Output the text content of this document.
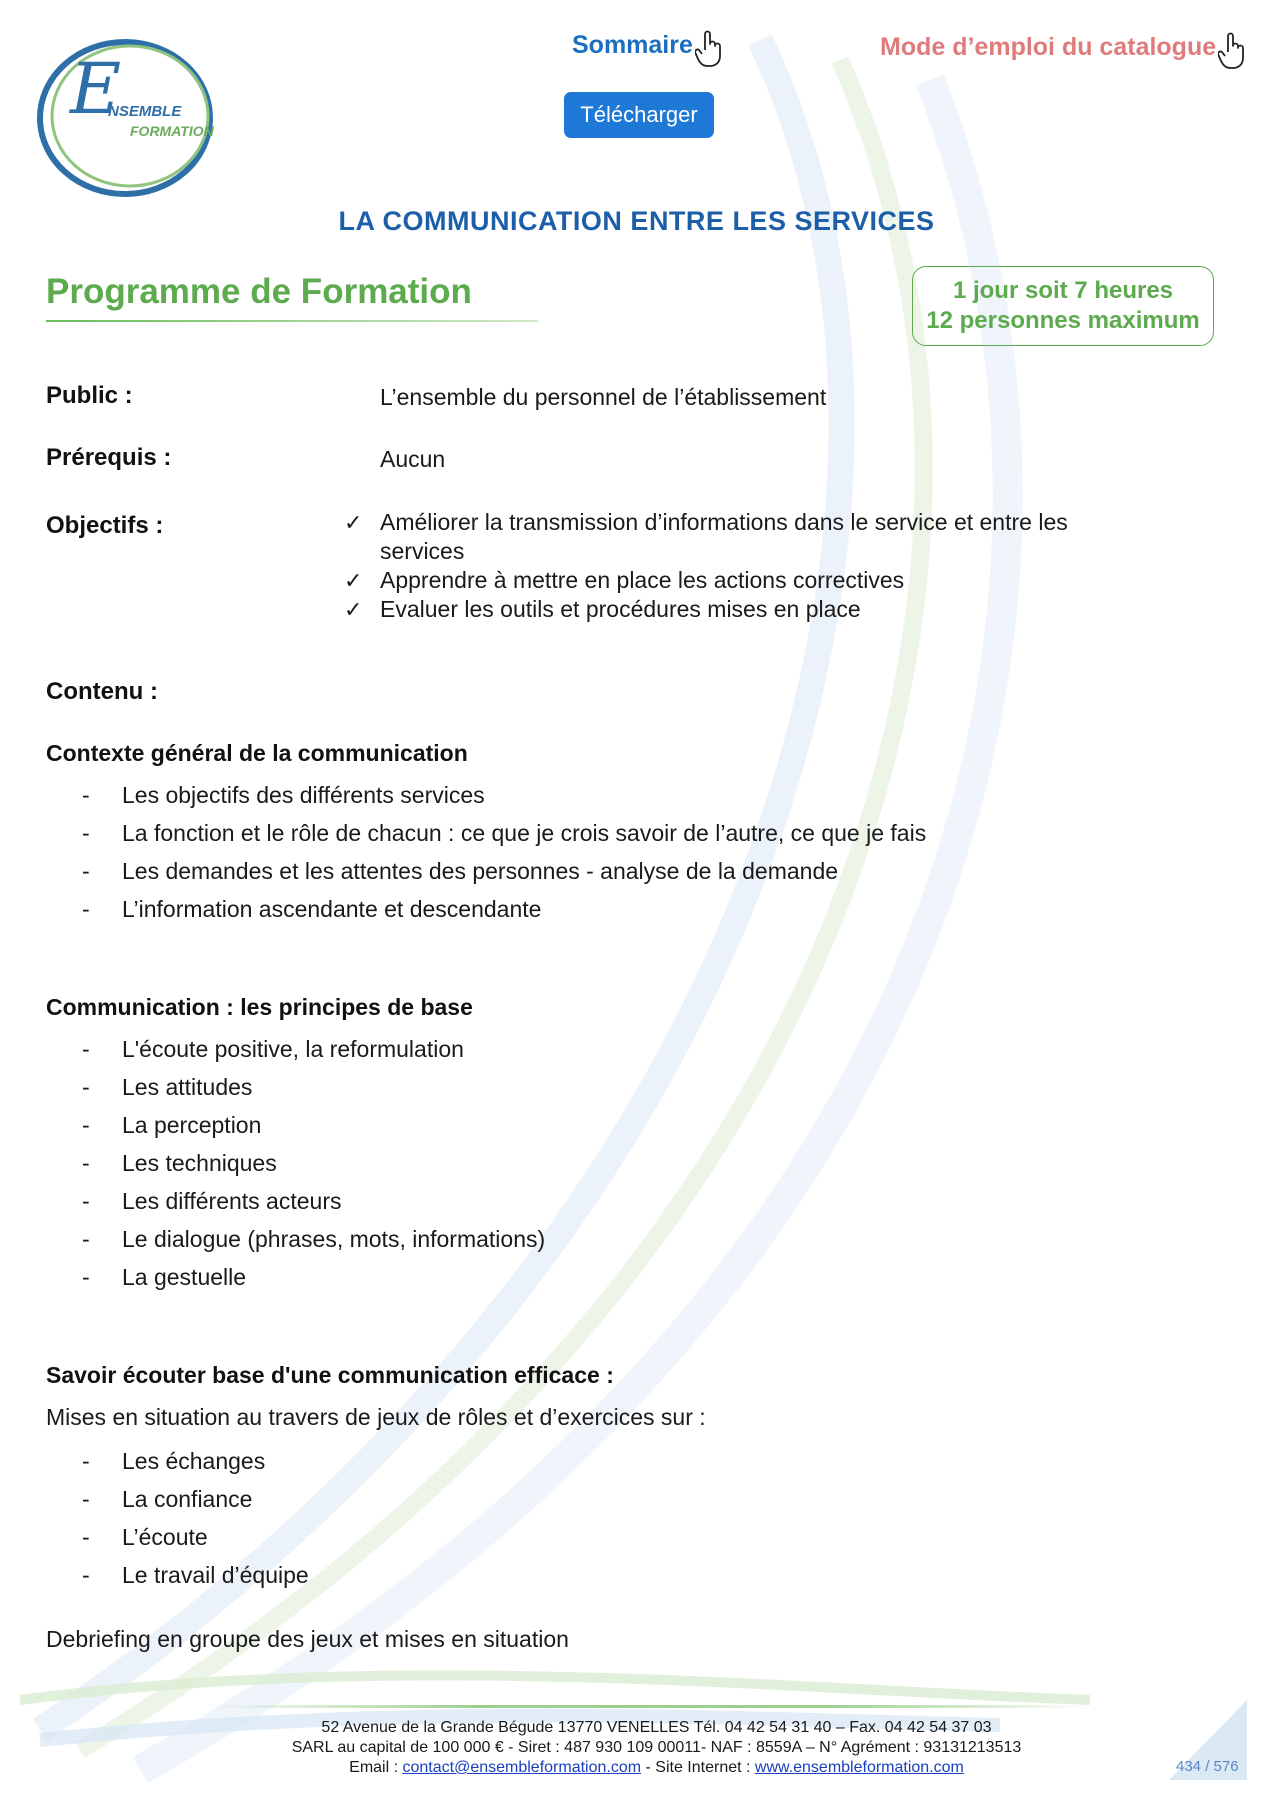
E
NSEMBLE
FORMATION
Sommaire	Mode d’emploi du catalogue
Télécharger
LA COMMUNICATION ENTRE LES SERVICES
Programme de Formation	1 jour soit 7 heures
12 personnes maximum
Public :	L’ensemble du personnel de l’établissement
Prérequis :	Aucun
Objectifs :	✓ Améliorer la transmission d’informations dans le service et entre les services
✓ Apprendre à mettre en place les actions correctives
✓ Evaluer les outils et procédures mises en place
Contenu :
Contexte général de la communication
- Les objectifs des différents services
- La fonction et le rôle de chacun : ce que je crois savoir de l’autre, ce que je fais
- Les demandes et les attentes des personnes - analyse de la demande
- L’information ascendante et descendante
Communication : les principes de base
- L'écoute positive, la reformulation
- Les attitudes
- La perception
- Les techniques
- Les différents acteurs
- Le dialogue (phrases, mots, informations)
- La gestuelle
Savoir écouter base d'une communication efficace :
Mises en situation au travers de jeux de rôles et d’exercices sur :
- Les échanges
- La confiance
- L’écoute
- Le travail d’équipe
Debriefing en groupe des jeux et mises en situation
52 Avenue de la Grande Bégude 13770 VENELLES Tél. 04 42 54 31 40 – Fax. 04 42 54 37 03
SARL au capital de 100 000 € - Siret : 487 930 109 00011- NAF : 8559A – N° Agrément : 93131213513
Email : contact@ensembleformation.com - Site Internet : www.ensembleformation.com	434 / 576
